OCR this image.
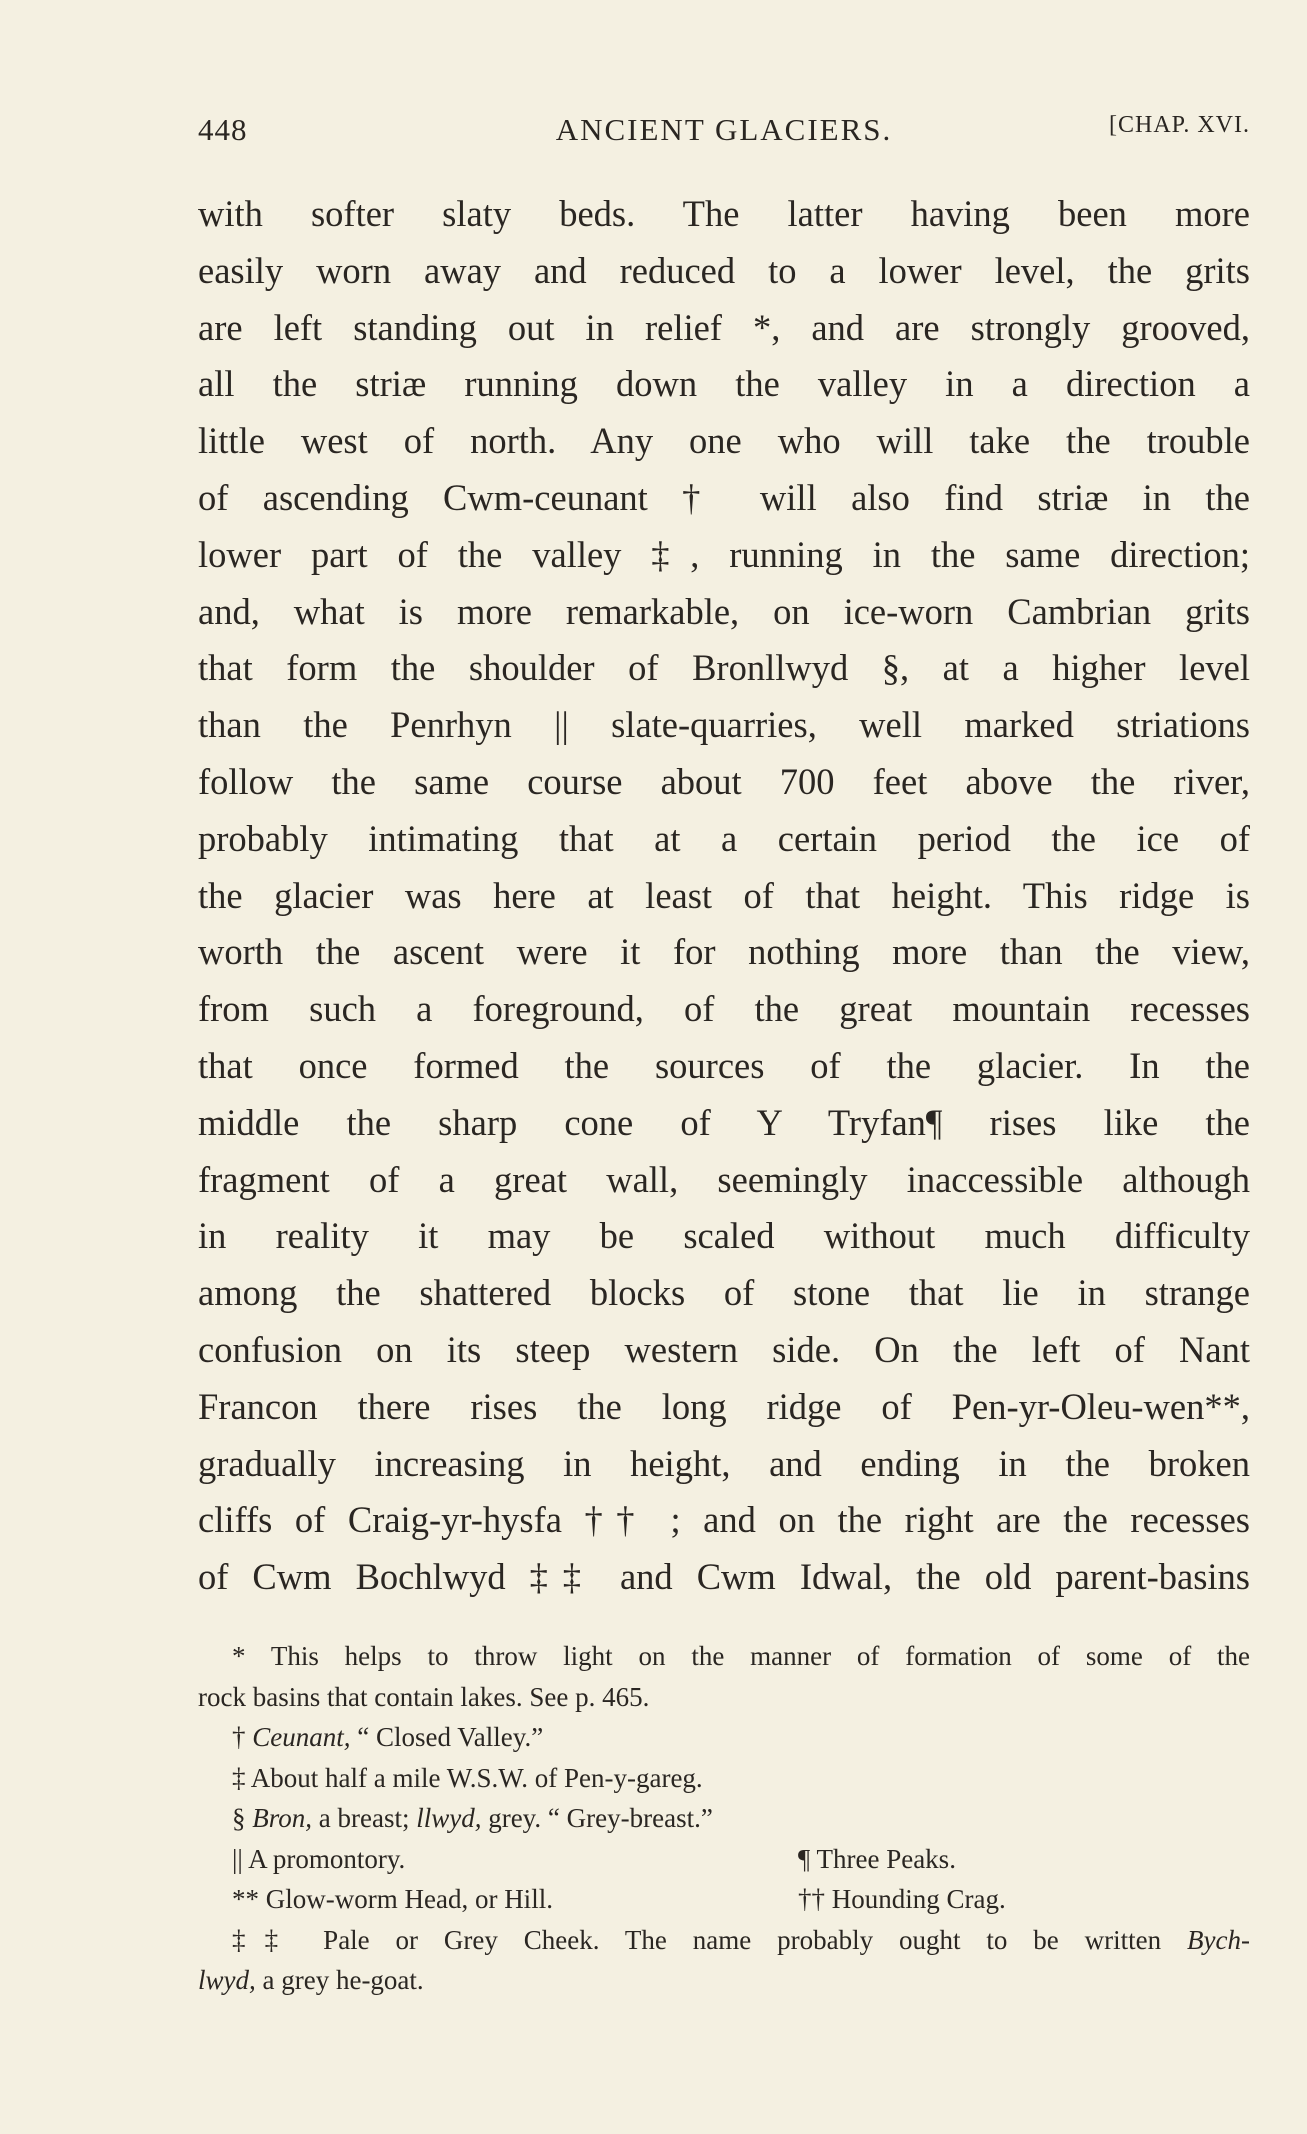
448	ANCIENT GLACIERS.	[CHAP. XVI.
with softer slaty beds. The latter having been more
easily worn away and reduced to a lower level, the grits
are left standing out in relief *, and are strongly grooved,
all the striæ running down the valley in a direction a
little west of north. Any one who will take the trouble
of ascending Cwm-ceunant † will also find striæ in the
lower part of the valley ‡, running in the same direction;
and, what is more remarkable, on ice-worn Cambrian grits
that form the shoulder of Bronllwyd §, at a higher level
than the Penrhyn || slate-quarries, well marked striations
follow the same course about 700 feet above the river,
probably intimating that at a certain period the ice of
the glacier was here at least of that height. This ridge is
worth the ascent were it for nothing more than the view,
from such a foreground, of the great mountain recesses
that once formed the sources of the glacier. In the
middle the sharp cone of Y Tryfan¶ rises like the
fragment of a great wall, seemingly inaccessible although
in reality it may be scaled without much difficulty
among the shattered blocks of stone that lie in strange
confusion on its steep western side. On the left of Nant
Francon there rises the long ridge of Pen-yr-Oleu-wen**,
gradually increasing in height, and ending in the broken
cliffs of Craig-yr-hysfa †† ; and on the right are the recesses
of Cwm Bochlwyd ‡‡ and Cwm Idwal, the old parent-basins
* This helps to throw light on the manner of formation of some of the
rock basins that contain lakes. See p. 465.
† Ceunant, “ Closed Valley.”
‡ About half a mile W.S.W. of Pen-y-gareg.
§ Bron, a breast; llwyd, grey. “ Grey-breast.”
|| A promontory.	¶ Three Peaks.
** Glow-worm Head, or Hill.	†† Hounding Crag.
‡‡ Pale or Grey Cheek. The name probably ought to be written Bych-
lwyd, a grey he-goat.
